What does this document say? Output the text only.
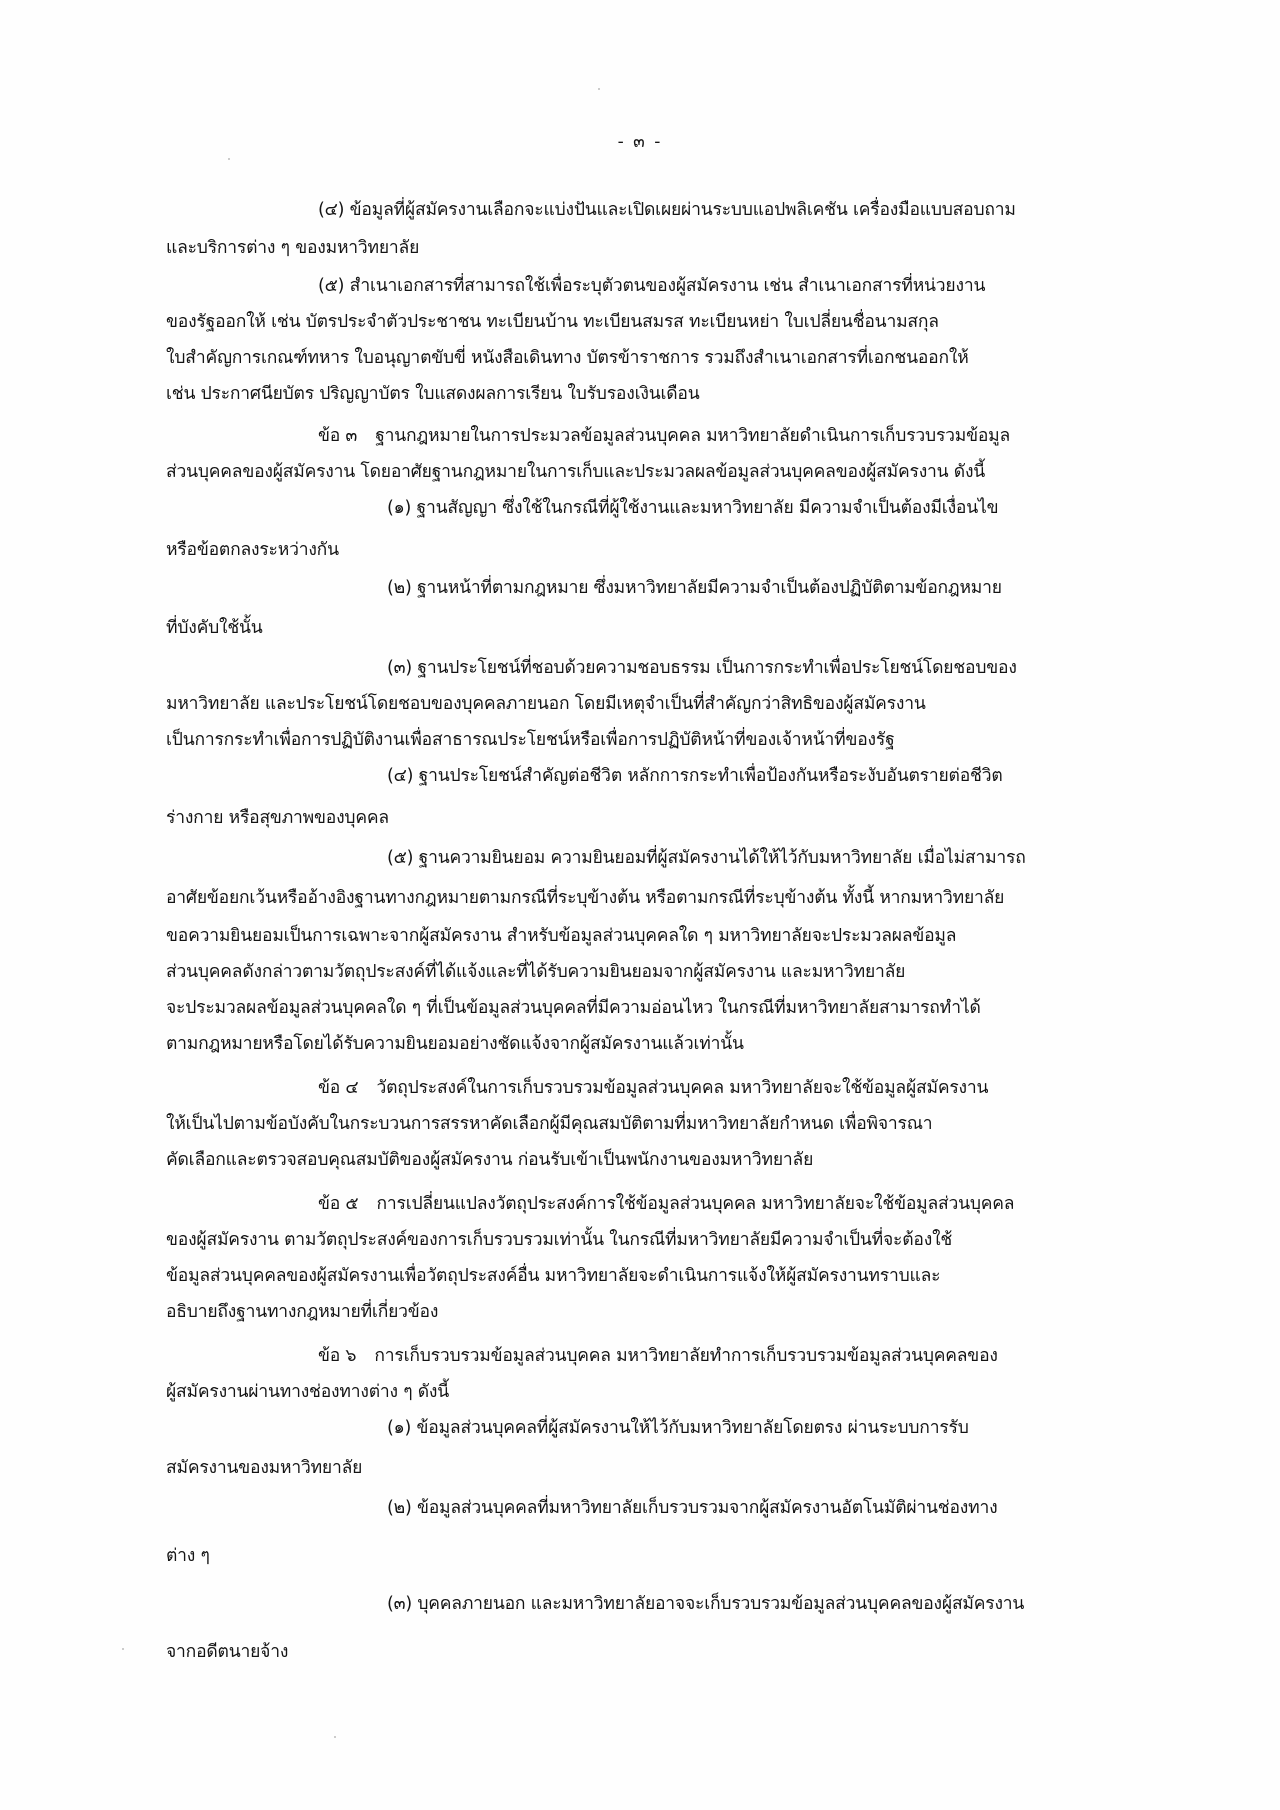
- ๓ -
(๔) ข้อมูลที่ผู้สมัครงานเลือกจะแบ่งปันและเปิดเผยผ่านระบบแอปพลิเคชัน เครื่องมือแบบสอบถาม
และบริการต่าง ๆ ของมหาวิทยาลัย
(๕) สำเนาเอกสารที่สามารถใช้เพื่อระบุตัวตนของผู้สมัครงาน เช่น สำเนาเอกสารที่หน่วยงาน
ของรัฐออกให้ เช่น บัตรประจำตัวประชาชน ทะเบียนบ้าน ทะเบียนสมรส ทะเบียนหย่า ใบเปลี่ยนชื่อนามสกุล
ใบสำคัญการเกณฑ์ทหาร ใบอนุญาตขับขี่ หนังสือเดินทาง บัตรข้าราชการ รวมถึงสำเนาเอกสารที่เอกชนออกให้
เช่น ประกาศนียบัตร ปริญญาบัตร ใบแสดงผลการเรียน ใบรับรองเงินเดือน
ข้อ ๓ ฐานกฎหมายในการประมวลข้อมูลส่วนบุคคล มหาวิทยาลัยดำเนินการเก็บรวบรวมข้อมูล
ส่วนบุคคลของผู้สมัครงาน โดยอาศัยฐานกฎหมายในการเก็บและประมวลผลข้อมูลส่วนบุคคลของผู้สมัครงาน ดังนี้
(๑) ฐานสัญญา ซึ่งใช้ในกรณีที่ผู้ใช้งานและมหาวิทยาลัย มีความจำเป็นต้องมีเงื่อนไข
หรือข้อตกลงระหว่างกัน
(๒) ฐานหน้าที่ตามกฎหมาย ซึ่งมหาวิทยาลัยมีความจำเป็นต้องปฏิบัติตามข้อกฎหมาย
ที่บังคับใช้นั้น
(๓) ฐานประโยชน์ที่ชอบด้วยความชอบธรรม เป็นการกระทำเพื่อประโยชน์โดยชอบของ
มหาวิทยาลัย และประโยชน์โดยชอบของบุคคลภายนอก โดยมีเหตุจำเป็นที่สำคัญกว่าสิทธิของผู้สมัครงาน
เป็นการกระทำเพื่อการปฏิบัติงานเพื่อสาธารณประโยชน์หรือเพื่อการปฏิบัติหน้าที่ของเจ้าหน้าที่ของรัฐ
(๔) ฐานประโยชน์สำคัญต่อชีวิต หลักการกระทำเพื่อป้องกันหรือระงับอันตรายต่อชีวิต
ร่างกาย หรือสุขภาพของบุคคล
(๕) ฐานความยินยอม ความยินยอมที่ผู้สมัครงานได้ให้ไว้กับมหาวิทยาลัย เมื่อไม่สามารถ
อาศัยข้อยกเว้นหรืออ้างอิงฐานทางกฎหมายตามกรณีที่ระบุข้างต้น หรือตามกรณีที่ระบุข้างต้น ทั้งนี้ หากมหาวิทยาลัย
ขอความยินยอมเป็นการเฉพาะจากผู้สมัครงาน สำหรับข้อมูลส่วนบุคคลใด ๆ มหาวิทยาลัยจะประมวลผลข้อมูล
ส่วนบุคคลดังกล่าวตามวัตถุประสงค์ที่ได้แจ้งและที่ได้รับความยินยอมจากผู้สมัครงาน และมหาวิทยาลัย
จะประมวลผลข้อมูลส่วนบุคคลใด ๆ ที่เป็นข้อมูลส่วนบุคคลที่มีความอ่อนไหว ในกรณีที่มหาวิทยาลัยสามารถทำได้
ตามกฎหมายหรือโดยได้รับความยินยอมอย่างชัดแจ้งจากผู้สมัครงานแล้วเท่านั้น
ข้อ ๔ วัตถุประสงค์ในการเก็บรวบรวมข้อมูลส่วนบุคคล มหาวิทยาลัยจะใช้ข้อมูลผู้สมัครงาน
ให้เป็นไปตามข้อบังคับในกระบวนการสรรหาคัดเลือกผู้มีคุณสมบัติตามที่มหาวิทยาลัยกำหนด เพื่อพิจารณา
คัดเลือกและตรวจสอบคุณสมบัติของผู้สมัครงาน ก่อนรับเข้าเป็นพนักงานของมหาวิทยาลัย
ข้อ ๕ การเปลี่ยนแปลงวัตถุประสงค์การใช้ข้อมูลส่วนบุคคล มหาวิทยาลัยจะใช้ข้อมูลส่วนบุคคล
ของผู้สมัครงาน ตามวัตถุประสงค์ของการเก็บรวบรวมเท่านั้น ในกรณีที่มหาวิทยาลัยมีความจำเป็นที่จะต้องใช้
ข้อมูลส่วนบุคคลของผู้สมัครงานเพื่อวัตถุประสงค์อื่น มหาวิทยาลัยจะดำเนินการแจ้งให้ผู้สมัครงานทราบและ
อธิบายถึงฐานทางกฎหมายที่เกี่ยวข้อง
ข้อ ๖ การเก็บรวบรวมข้อมูลส่วนบุคคล มหาวิทยาลัยทำการเก็บรวบรวมข้อมูลส่วนบุคคลของ
ผู้สมัครงานผ่านทางช่องทางต่าง ๆ ดังนี้
(๑) ข้อมูลส่วนบุคคลที่ผู้สมัครงานให้ไว้กับมหาวิทยาลัยโดยตรง ผ่านระบบการรับ
สมัครงานของมหาวิทยาลัย
(๒) ข้อมูลส่วนบุคคลที่มหาวิทยาลัยเก็บรวบรวมจากผู้สมัครงานอัตโนมัติผ่านช่องทาง
ต่าง ๆ
(๓) บุคคลภายนอก และมหาวิทยาลัยอาจจะเก็บรวบรวมข้อมูลส่วนบุคคลของผู้สมัครงาน
จากอดีตนายจ้าง
